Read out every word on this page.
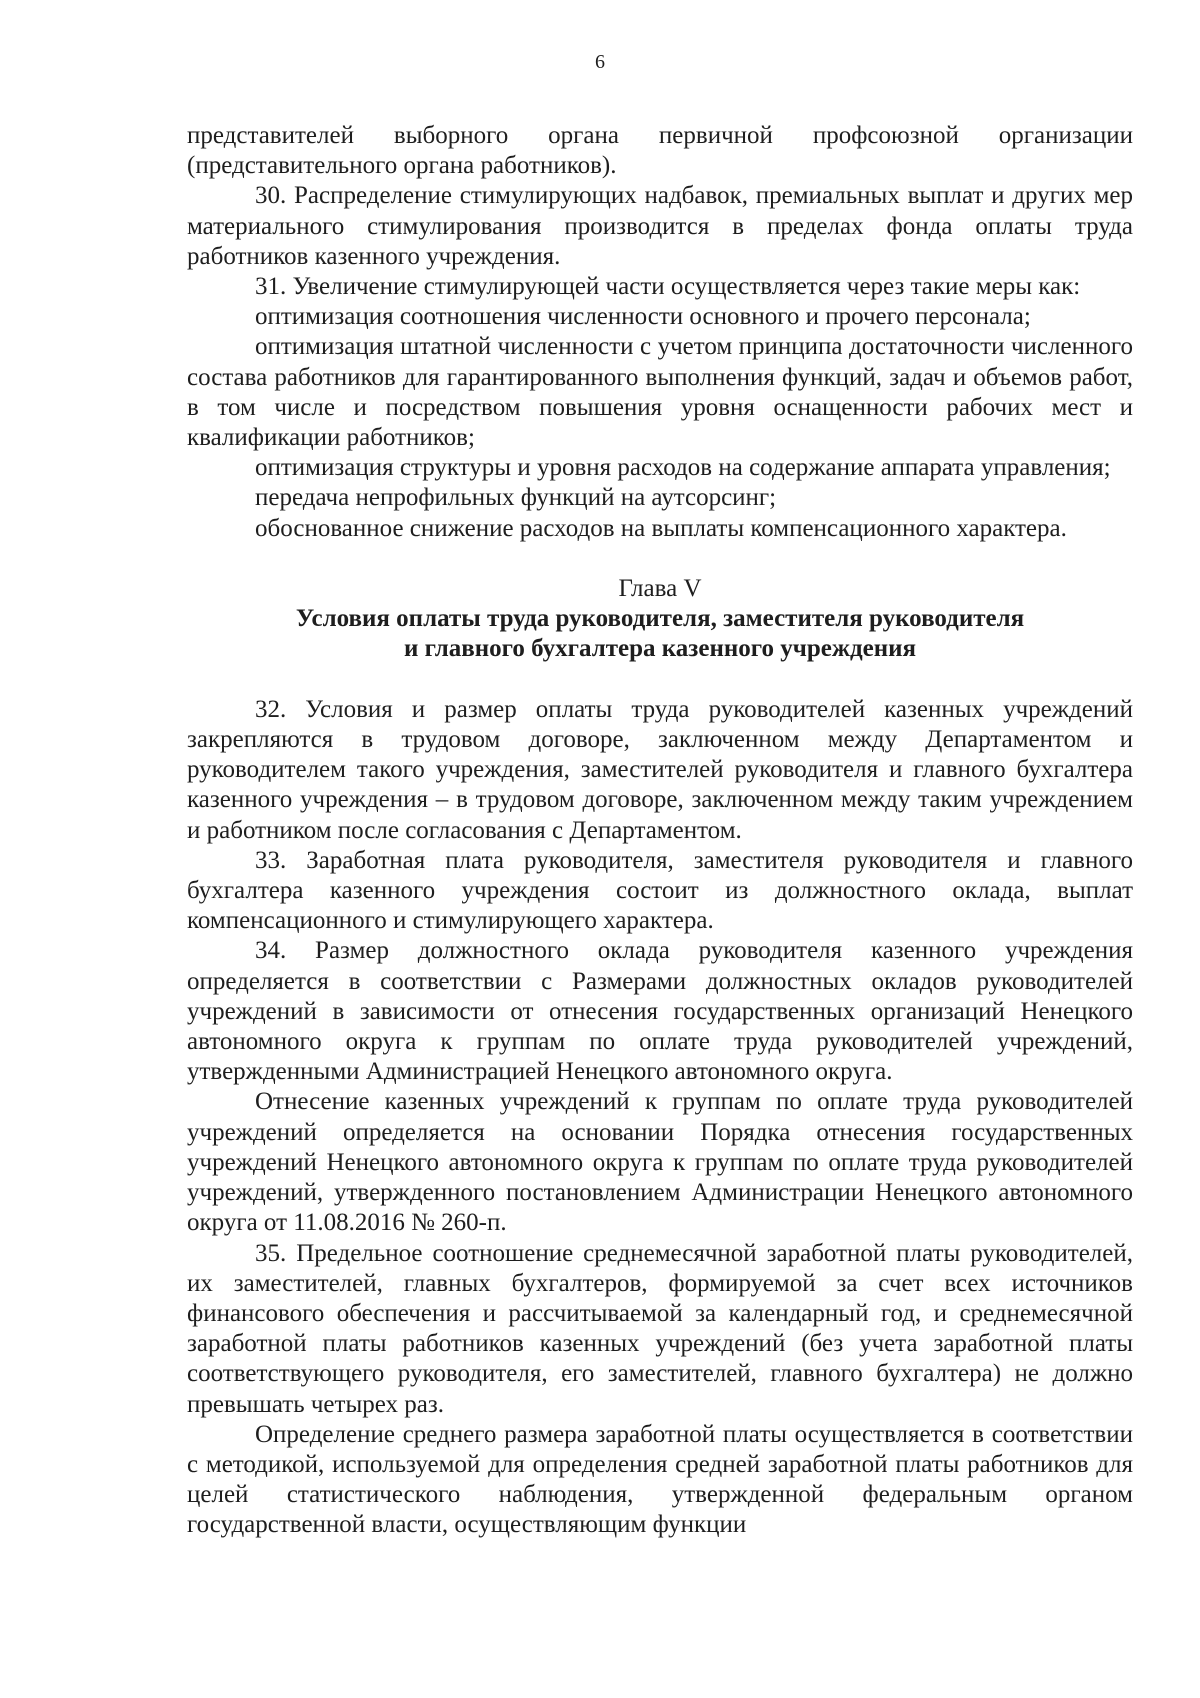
6

представителей выборного органа первичной профсоюзной организации (представительного органа работников).

30. Распределение стимулирующих надбавок, премиальных выплат и других мер материального стимулирования производится в пределах фонда оплаты труда работников казенного учреждения.

31. Увеличение стимулирующей части осуществляется через такие меры как:

оптимизация соотношения численности основного и прочего персонала;

оптимизация штатной численности с учетом принципа достаточности численного состава работников для гарантированного выполнения функций, задач и объемов работ, в том числе и посредством повышения уровня оснащенности рабочих мест и квалификации работников;

оптимизация структуры и уровня расходов на содержание аппарата управления;

передача непрофильных функций на аутсорсинг;

обоснованное снижение расходов на выплаты компенсационного характера.

Глава V
Условия оплаты труда руководителя, заместителя руководителя
и главного бухгалтера казенного учреждения

32. Условия и размер оплаты труда руководителей казенных учреждений закрепляются в трудовом договоре, заключенном между Департаментом и руководителем такого учреждения, заместителей руководителя и главного бухгалтера казенного учреждения – в трудовом договоре, заключенном между таким учреждением и работником после согласования с Департаментом.

33. Заработная плата руководителя, заместителя руководителя и главного бухгалтера казенного учреждения состоит из должностного оклада, выплат компенсационного и стимулирующего характера.

34. Размер должностного оклада руководителя казенного учреждения определяется в соответствии с Размерами должностных окладов руководителей учреждений в зависимости от отнесения государственных организаций Ненецкого автономного округа к группам по оплате труда руководителей учреждений, утвержденными Администрацией Ненецкого автономного округа.

Отнесение казенных учреждений к группам по оплате труда руководителей учреждений определяется на основании Порядка отнесения государственных учреждений Ненецкого автономного округа к группам по оплате труда руководителей учреждений, утвержденного постановлением Администрации Ненецкого автономного округа от 11.08.2016 № 260-п.

35. Предельное соотношение среднемесячной заработной платы руководителей, их заместителей, главных бухгалтеров, формируемой за счет всех источников финансового обеспечения и рассчитываемой за календарный год, и среднемесячной заработной платы работников казенных учреждений (без учета заработной платы соответствующего руководителя, его заместителей, главного бухгалтера) не должно превышать четырех раз.

Определение среднего размера заработной платы осуществляется в соответствии с методикой, используемой для определения средней заработной платы работников для целей статистического наблюдения, утвержденной федеральным органом государственной власти, осуществляющим функции
